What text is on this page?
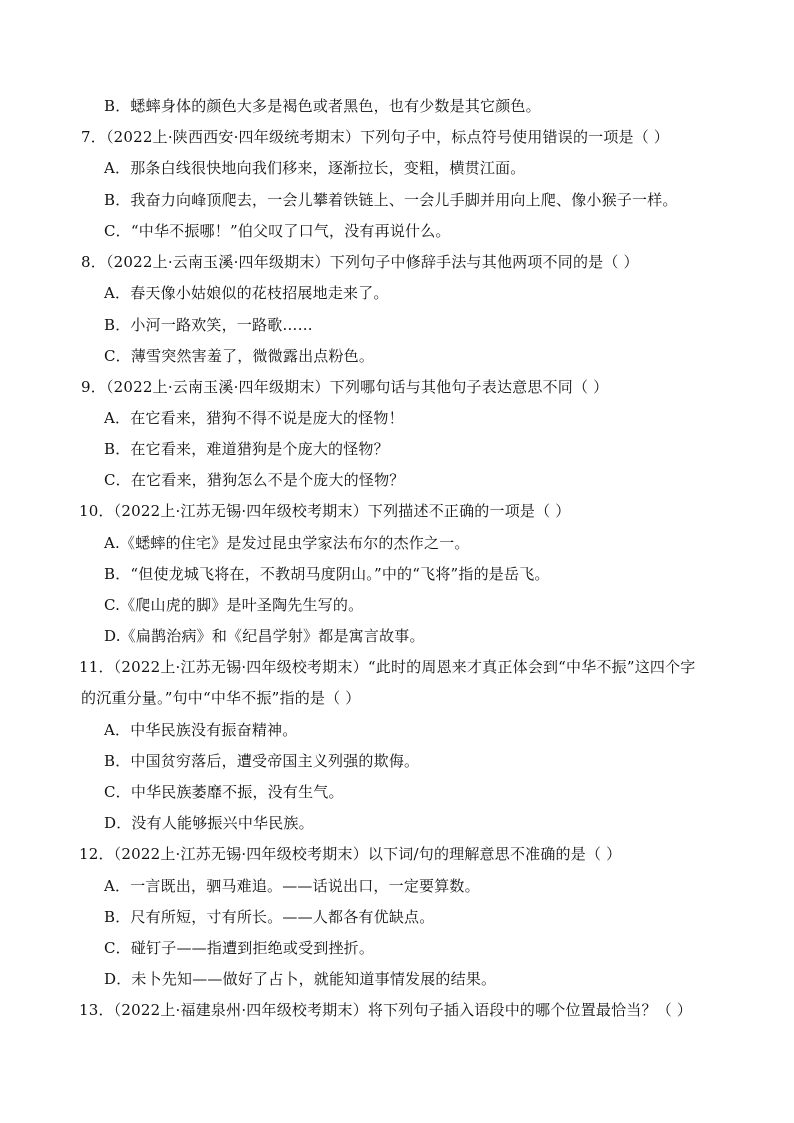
B．蟋蟀身体的颜色大多是褐色或者黑色，也有少数是其它颜色。
7．（2022上·陕西西安·四年级统考期末）下列句子中，标点符号使用错误的一项是（ ）
A．那条白线很快地向我们移来，逐渐拉长，变粗，横贯江面。
B．我奋力向峰顶爬去，一会儿攀着铁链上、一会儿手脚并用向上爬、像小猴子一样。
C．“中华不振哪！”伯父叹了口气，没有再说什么。
8．（2022上·云南玉溪·四年级期末）下列句子中修辞手法与其他两项不同的是（ ）
A．春天像小姑娘似的花枝招展地走来了。
B．小河一路欢笑，一路歌……
C．薄雪突然害羞了，微微露出点粉色。
9．（2022上·云南玉溪·四年级期末）下列哪句话与其他句子表达意思不同（ ）
A．在它看来，猎狗不得不说是庞大的怪物！
B．在它看来，难道猎狗是个庞大的怪物？
C．在它看来，猎狗怎么不是个庞大的怪物？
10．（2022上·江苏无锡·四年级校考期末）下列描述不正确的一项是（ ）
A.《蟋蟀的住宅》是发过昆虫学家法布尔的杰作之一。
B．“但使龙城飞将在，不教胡马度阴山。”中的“飞将”指的是岳飞。
C.《爬山虎的脚》是叶圣陶先生写的。
D.《扁鹊治病》和《纪昌学射》都是寓言故事。
11．（2022上·江苏无锡·四年级校考期末）“此时的周恩来才真正体会到“中华不振”这四个字
的沉重分量。”句中“中华不振”指的是（ ）
A．中华民族没有振奋精神。
B．中国贫穷落后，遭受帝国主义列强的欺侮。
C．中华民族萎靡不振，没有生气。
D．没有人能够振兴中华民族。
12．（2022上·江苏无锡·四年级校考期末）以下词/句的理解意思不准确的是（ ）
A．一言既出，驷马难追。——话说出口，一定要算数。
B．尺有所短，寸有所长。——人都各有优缺点。
C．碰钉子——指遭到拒绝或受到挫折。
D．未卜先知——做好了占卜，就能知道事情发展的结果。
13．（2022上·福建泉州·四年级校考期末）将下列句子插入语段中的哪个位置最恰当？（ ）
